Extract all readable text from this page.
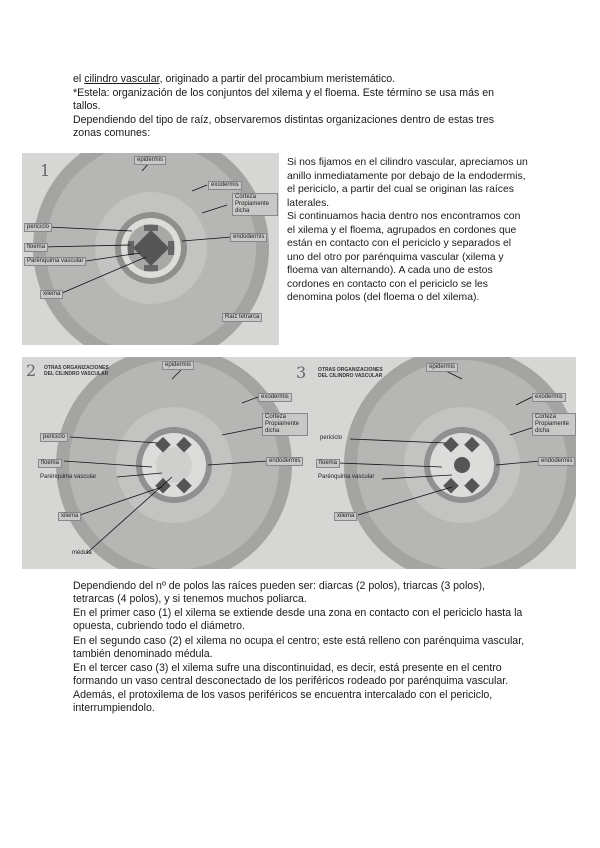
el cilindro vascular, originado a partir del procambium meristemático.

*Estela: organización de los conjuntos del xilema y el floema. Este término se usa más en tallos.

Dependiendo del tipo de raíz, observaremos distintas organizaciones dentro de estas tres zonas comunes:

1
epidermis
exodermis
Corteza Propiamente dicha
periciclo
endodermis
floema
Parénquima vascular
xilema
Raíz tetrarca

Si nos fijamos en el cilindro vascular, apreciamos un anillo inmediatamente por debajo de la endodermis, el periciclo, a partir del cual se originan las raíces laterales.
Si continuamos hacia dentro nos encontramos con el xilema y el floema, agrupados en cordones que están en contacto con el periciclo y separados el uno del otro por parénquima vascular (xilema y floema van alternando). A cada uno de estos cordones en contacto con el periciclo se les denomina polos (del floema o del xilema).

2 OTRAS ORGANIZACIONES
DEL CILINDRO VASCULAR
epidermis
exodermis
Corteza Propiamente dicha
periciclo
endodermis
floema
Parénquima vascular
xilema
médula
3 OTRAS ORGANIZACIONES
DEL CILINDRO VASCULAR
epidermis
exodermis
Corteza Propiamente dicha
periciclo
endodermis
floema
Parénquima vascular
xilema

Dependiendo del nº de polos las raíces pueden ser: diarcas (2 polos), triarcas (3 polos), tetrarcas (4 polos), y si tenemos muchos poliarca.

En el primer caso (1) el xilema se extiende desde una zona en contacto con el periciclo hasta la opuesta, cubriendo todo el diámetro.

En el segundo caso (2) el xilema no ocupa el centro; este está relleno con parénquima vascular, también denominado médula.

En el tercer caso (3) el xilema sufre una discontinuidad, es decir, está presente en el centro formando un vaso central desconectado de los periféricos rodeado por parénquima vascular. Además, el protoxilema de los vasos periféricos se encuentra intercalado con el periciclo, interrumpiendolo.
